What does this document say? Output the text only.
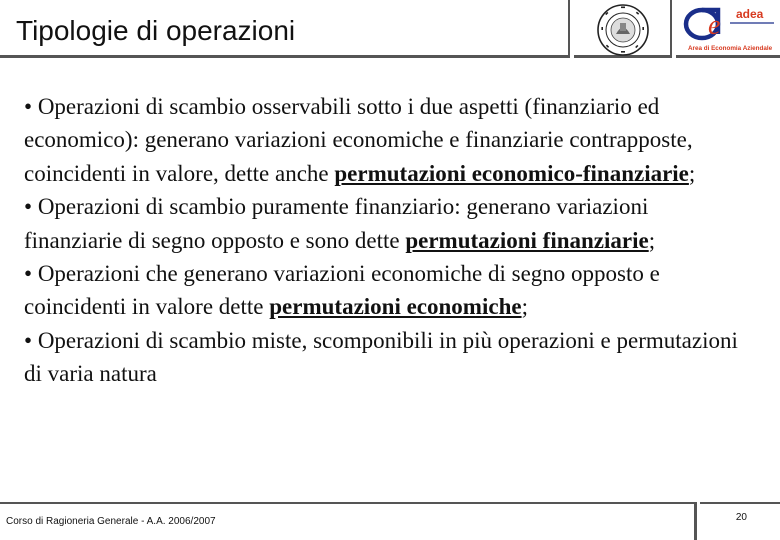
Tipologie di operazioni	e adea
Area di Economia Aziendale

• Operazioni di scambio osservabili sotto i due aspetti (finanziario ed economico): generano variazioni economiche e finanziarie contrapposte, coincidenti in valore, dette anche permutazioni economico-finanziarie;

• Operazioni di scambio puramente finanziario: generano variazioni finanziarie di segno opposto e sono dette permutazioni finanziarie;

• Operazioni che generano variazioni economiche di segno opposto e coincidenti in valore dette permutazioni economiche;

• Operazioni di scambio miste, scomponibili in più operazioni e permutazioni di varia natura

Corso di Ragioneria Generale - A.A. 2006/2007	20
